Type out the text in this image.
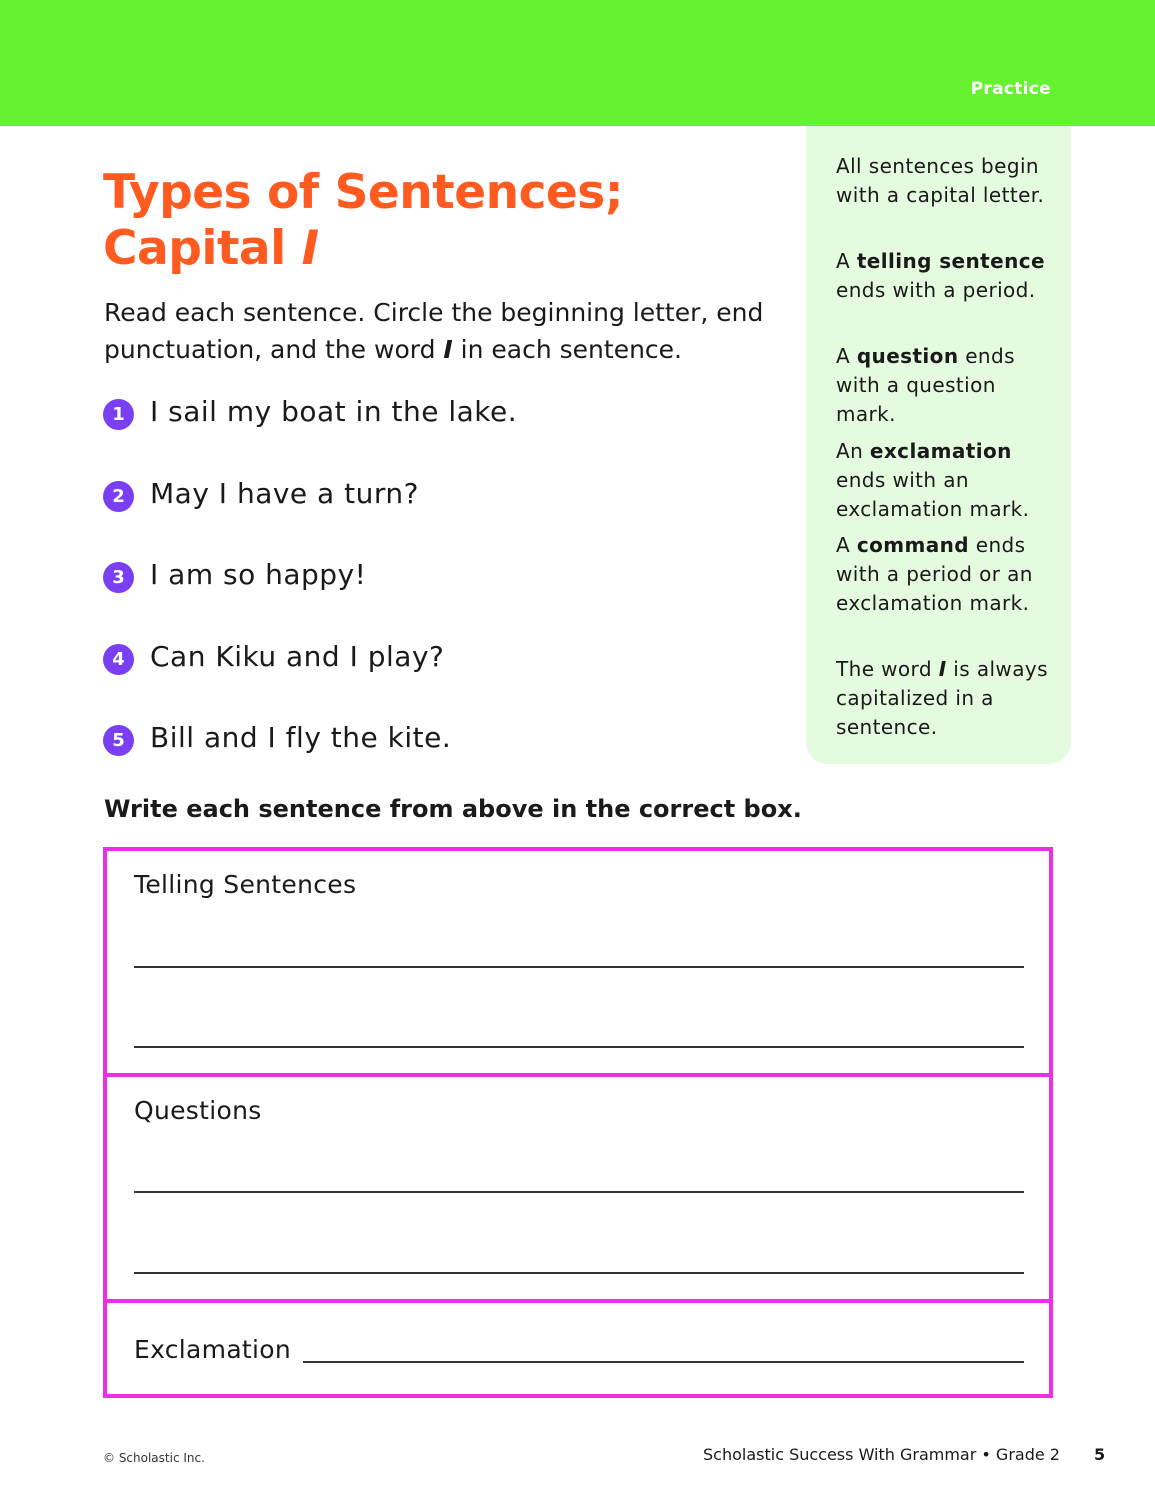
Practice
Types of Sentences;
Capital I

Read each sentence. Circle the beginning letter, end punctuation, and the word I in each sentence.

1 I sail my boat in the lake.
2 May I have a turn?
3 I am so happy!
4 Can Kiku and I play?
5 Bill and I fly the kite.

All sentences begin with a capital letter.

A telling sentence ends with a period.

A question ends with a question mark.

An exclamation ends with an exclamation mark.

A command ends with a period or an exclamation mark.

The word I is always capitalized in a sentence.

Write each sentence from above in the correct box.

Telling Sentences
Questions
Exclamation
© Scholastic Inc.	Scholastic Success With Grammar • Grade 2 5
